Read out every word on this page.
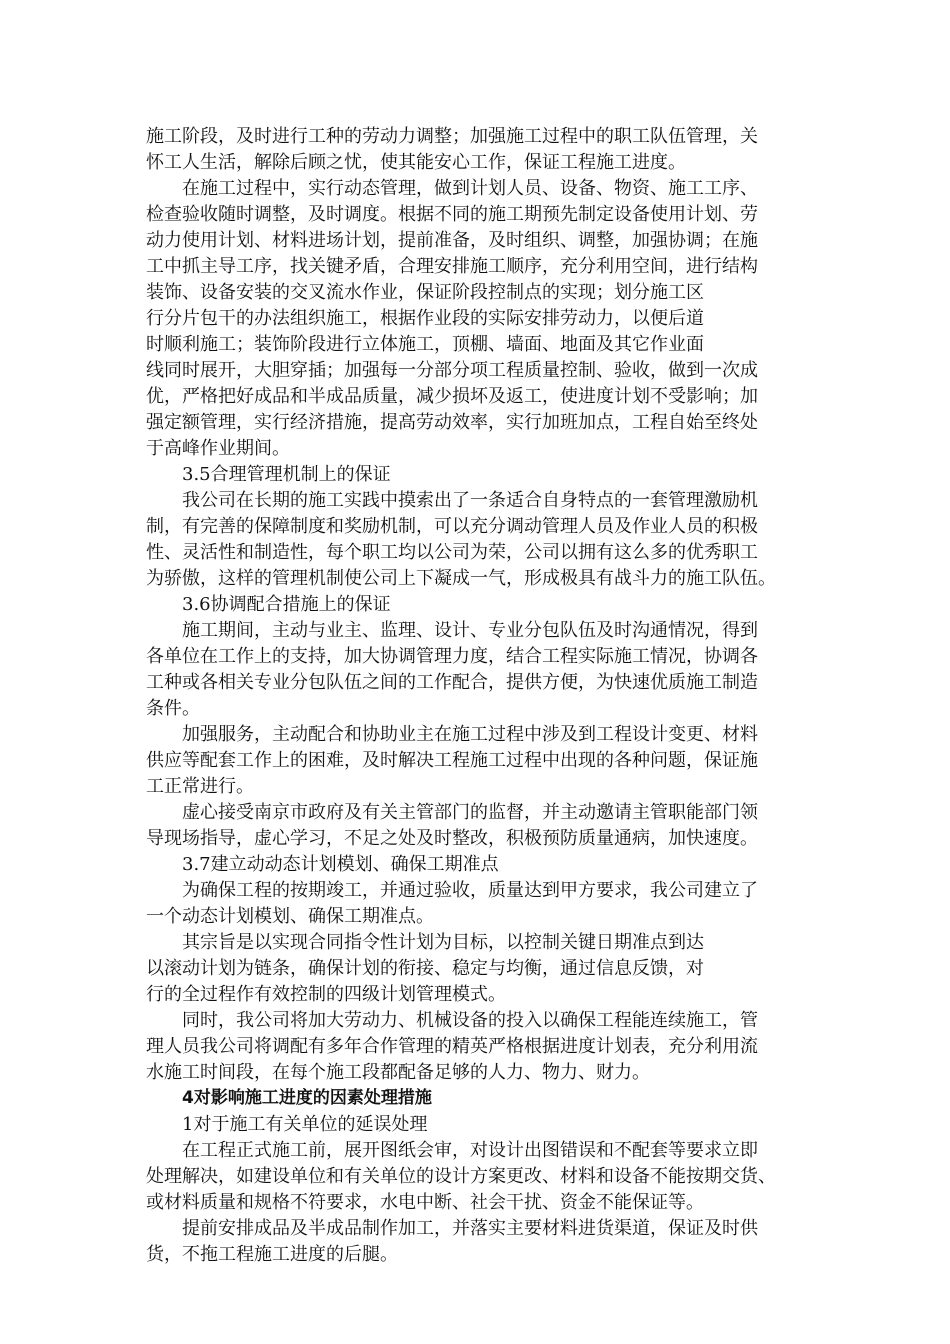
施工阶段，及时进行工种的劳动力调整；加强施工过程中的职工队伍管理，关
怀工人生活，解除后顾之忧，使其能安心工作，保证工程施工进度。
在施工过程中，实行动态管理，做到计划人员、设备、物资、施工工序、
检查验收随时调整，及时调度。根据不同的施工期预先制定设备使用计划、劳
动力使用计划、材料进场计划，提前准备，及时组织、调整，加强协调；在施
工中抓主导工序，找关键矛盾，合理安排施工顺序，充分利用空间，进行结构
装饰、设备安装的交叉流水作业，保证阶段控制点的实现；划分施工区
行分片包干的办法组织施工，根据作业段的实际安排劳动力，以便后道
时顺利施工；装饰阶段进行立体施工，顶棚、墙面、地面及其它作业面
线同时展开，大胆穿插；加强每一分部分项工程质量控制、验收，做到一次成
优，严格把好成品和半成品质量，减少损坏及返工，使进度计划不受影响；加
强定额管理，实行经济措施，提高劳动效率，实行加班加点，工程自始至终处
于高峰作业期间。
3.5合理管理机制上的保证
我公司在长期的施工实践中摸索出了一条适合自身特点的一套管理激励机
制，有完善的保障制度和奖励机制，可以充分调动管理人员及作业人员的积极
性、灵活性和制造性，每个职工均以公司为荣，公司以拥有这么多的优秀职工
为骄傲，这样的管理机制使公司上下凝成一气，形成极具有战斗力的施工队伍。
3.6协调配合措施上的保证
施工期间，主动与业主、监理、设计、专业分包队伍及时沟通情况，得到
各单位在工作上的支持，加大协调管理力度，结合工程实际施工情况，协调各
工种或各相关专业分包队伍之间的工作配合，提供方便，为快速优质施工制造
条件。
加强服务，主动配合和协助业主在施工过程中涉及到工程设计变更、材料
供应等配套工作上的困难，及时解决工程施工过程中出现的各种问题，保证施
工正常进行。
虚心接受南京市政府及有关主管部门的监督，并主动邀请主管职能部门领
导现场指导，虚心学习，不足之处及时整改，积极预防质量通病，加快速度。
3.7建立动动态计划模划、确保工期准点
为确保工程的按期竣工，并通过验收，质量达到甲方要求，我公司建立了
一个动态计划模划、确保工期准点。
其宗旨是以实现合同指令性计划为目标，以控制关键日期准点到达
以滚动计划为链条，确保计划的衔接、稳定与均衡，通过信息反馈，对
行的全过程作有效控制的四级计划管理模式。
同时，我公司将加大劳动力、机械设备的投入以确保工程能连续施工，管
理人员我公司将调配有多年合作管理的精英严格根据进度计划表，充分利用流
水施工时间段，在每个施工段都配备足够的人力、物力、财力。
4对影响施工进度的因素处理措施
1对于施工有关单位的延误处理
在工程正式施工前，展开图纸会审，对设计出图错误和不配套等要求立即
处理解决，如建设单位和有关单位的设计方案更改、材料和设备不能按期交货、
或材料质量和规格不符要求，水电中断、社会干扰、资金不能保证等。
提前安排成品及半成品制作加工，并落实主要材料进货渠道，保证及时供
货，不拖工程施工进度的后腿。
